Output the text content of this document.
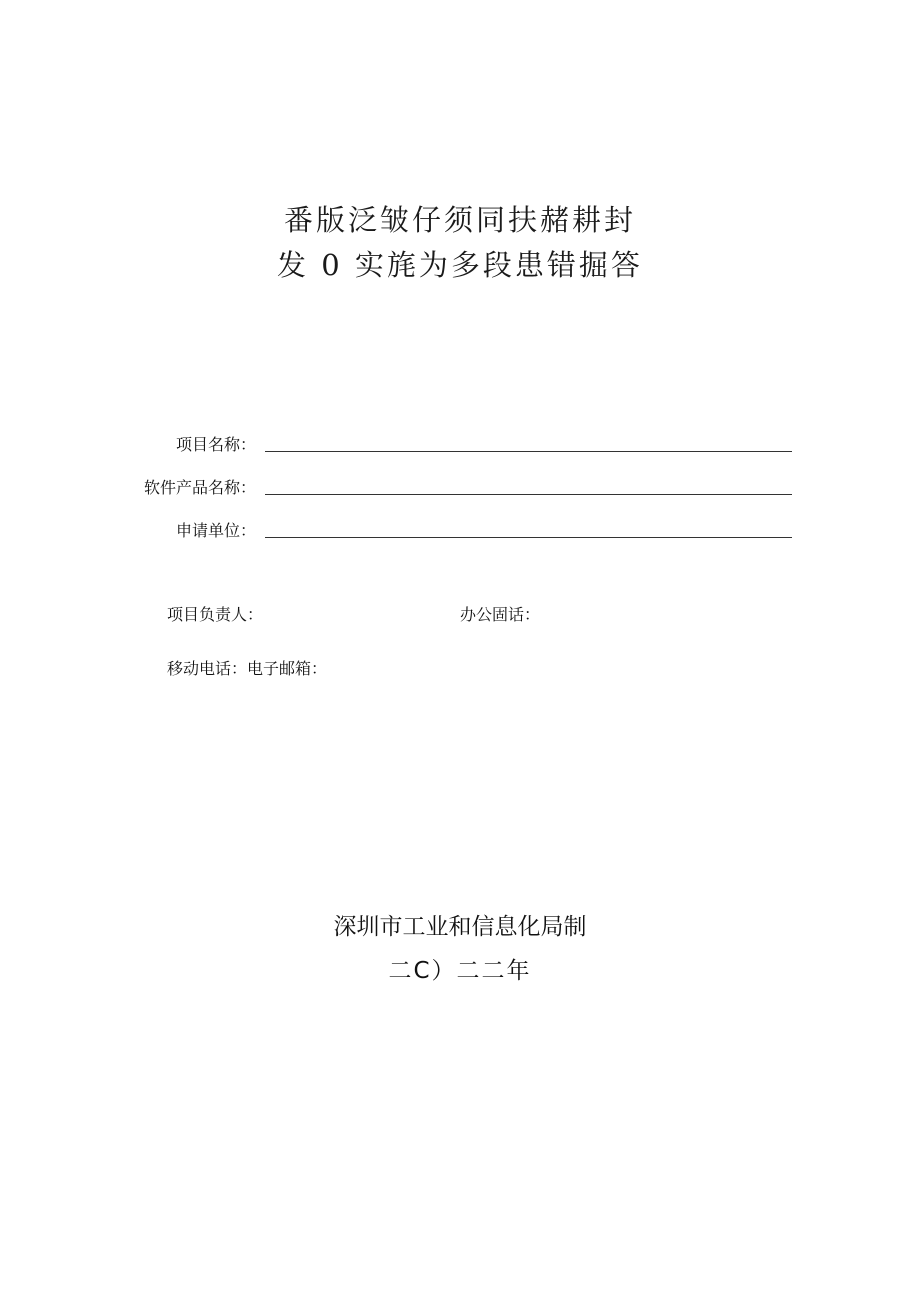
番版泛皱仔须同扶赭耕封
发 0 实旄为多段患错掘答
项目名称：
软件产品名称：
申请单位：
项目负责人：	办公固话：
移动电话：电子邮箱：
深圳市工业和信息化局制
二C）二二年
